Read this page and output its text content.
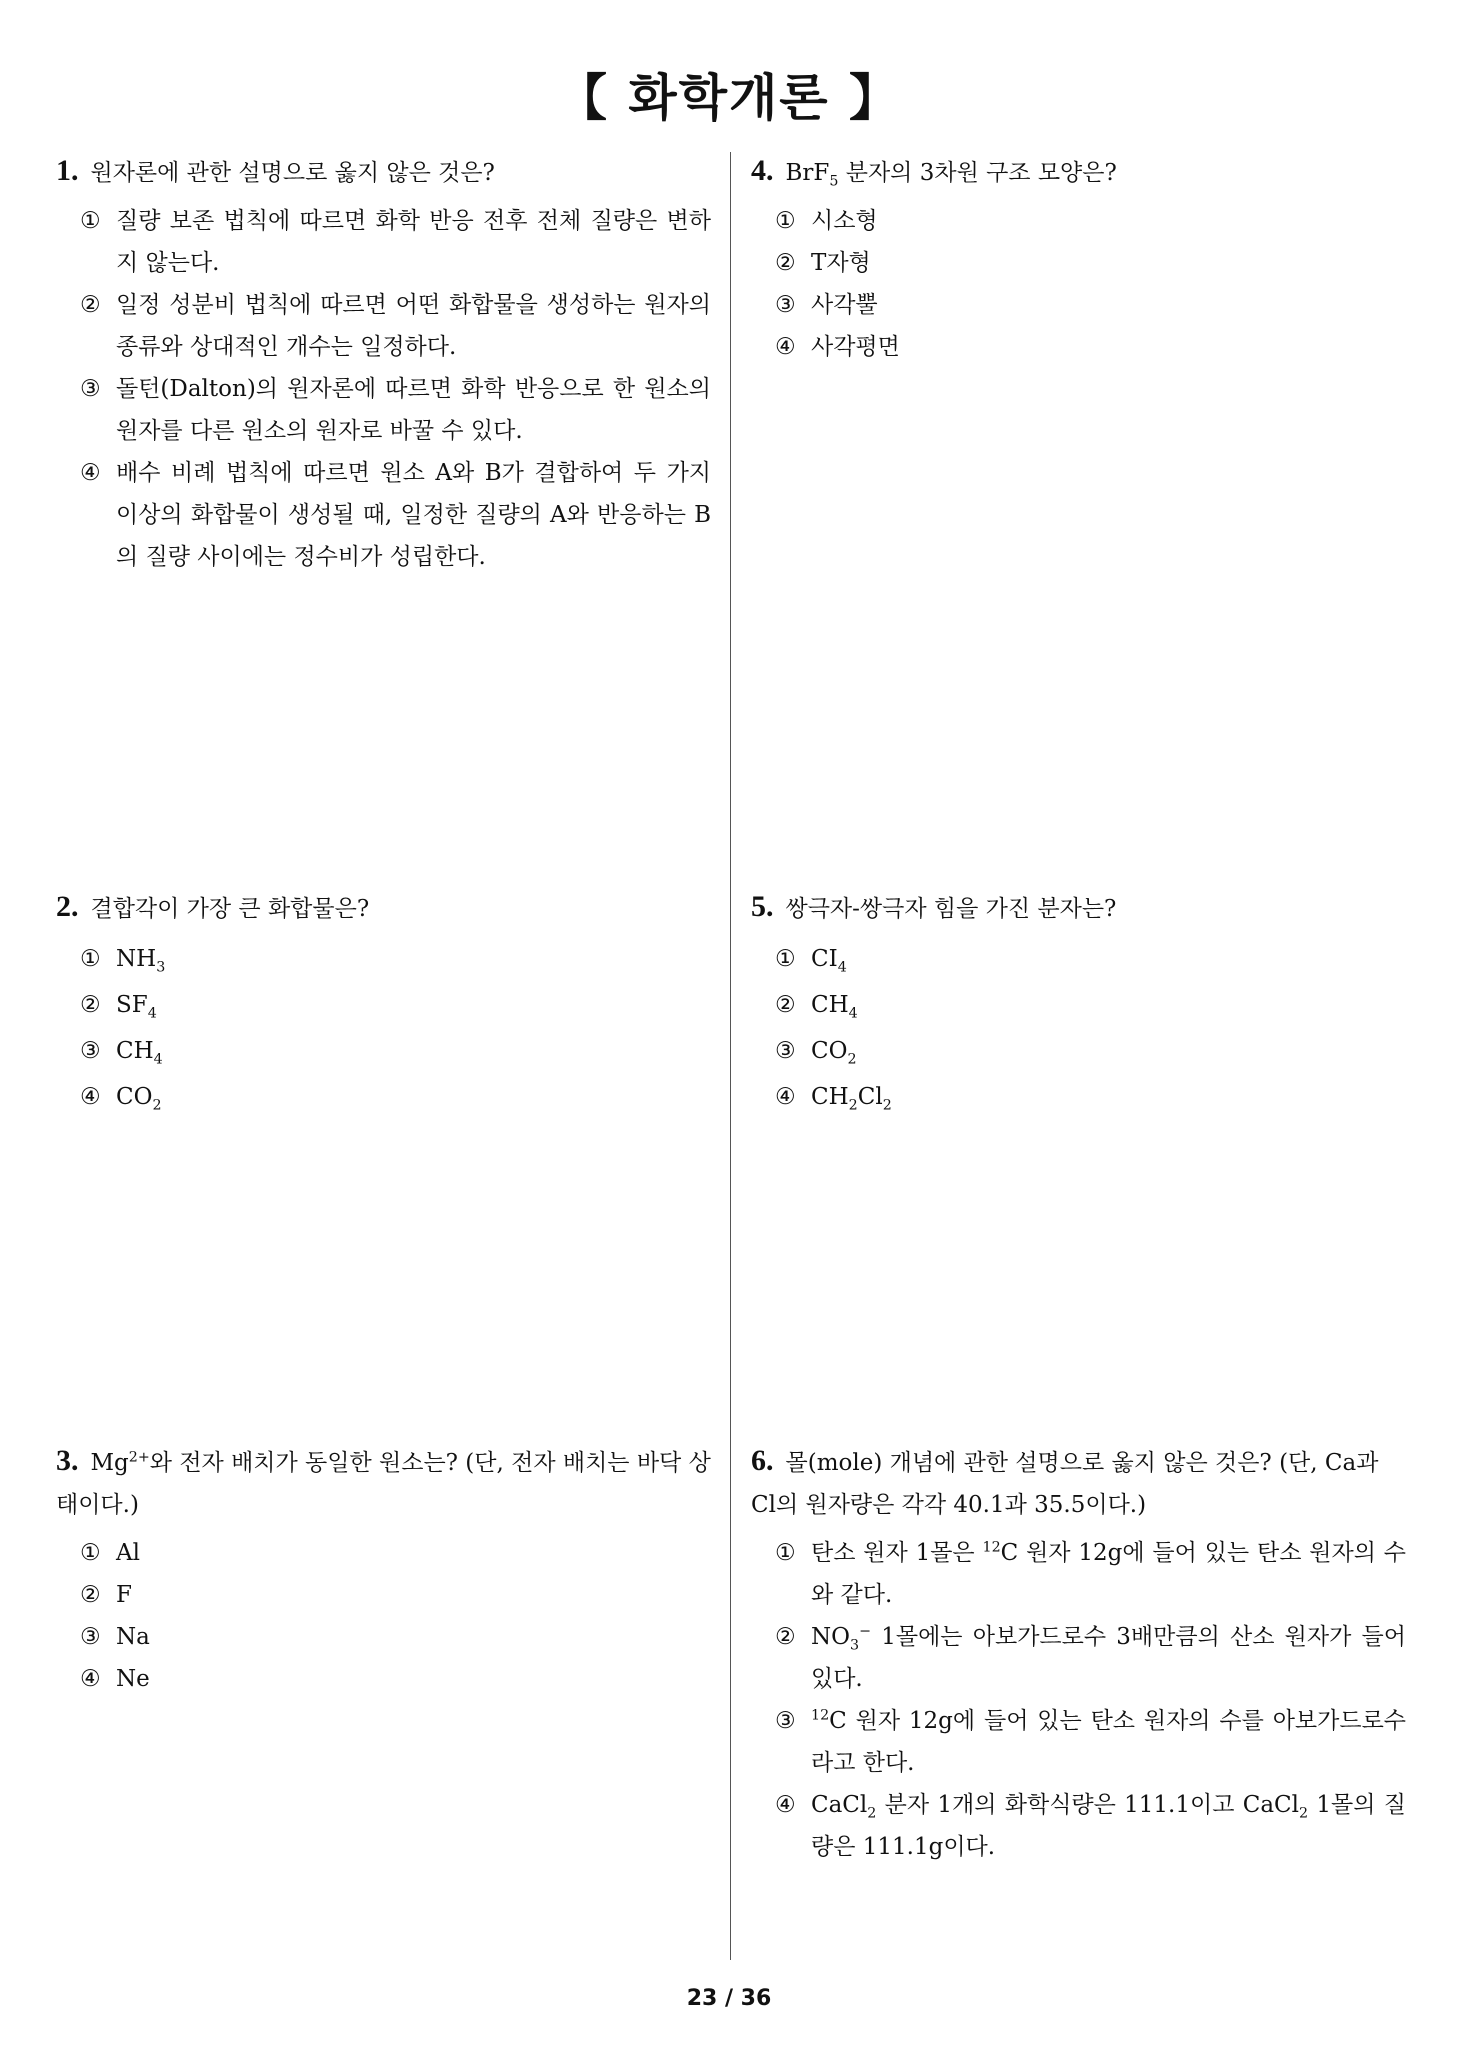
【 화학개론 】

1. 원자론에 관한 설명으로 옳지 않은 것은?

① 질량 보존 법칙에 따르면 화학 반응 전후 전체 질량은 변하지 않는다.
② 일정 성분비 법칙에 따르면 어떤 화합물을 생성하는 원자의 종류와 상대적인 개수는 일정하다.
③ 돌턴(Dalton)의 원자론에 따르면 화학 반응으로 한 원소의 원자를 다른 원소의 원자로 바꿀 수 있다.
④ 배수 비례 법칙에 따르면 원소 A와 B가 결합하여 두 가지 이상의 화합물이 생성될 때, 일정한 질량의 A와 반응하는 B의 질량 사이에는 정수비가 성립한다.

2. 결합각이 가장 큰 화합물은?

① $NH_3$
② $SF_4$
③ $CH_4$
④ $CO_2$

3. $Mg^{2+}$와 전자 배치가 동일한 원소는? (단, 전자 배치는 바닥 상태이다.)

① Al
② F
③ Na
④ Ne

4. BrF$_5$ 분자의 3차원 구조 모양은?

① 시소형
② T자형
③ 사각뿔
④ 사각평면

5. 쌍극자-쌍극자 힘을 가진 분자는?

① $CI_4$
② $CH_4$
③ $CO_2$
④ $CH_2Cl_2$

6. 몰(mole) 개념에 관한 설명으로 옳지 않은 것은? (단, Ca과 Cl의 원자량은 각각 40.1과 35.5이다.)

① 탄소 원자 1몰은 $^{12}$C 원자 12g에 들어 있는 탄소 원자의 수와 같다.
② $NO_3^-$ 1몰에는 아보가드로수 3배만큼의 산소 원자가 들어 있다.
③	$^{12}$C 원자 12g에 들어 있는 탄소 원자의 수를 아보가드로수라고 한다.
④ CaCl$_2$ 분자 1개의 화학식량은 111.1이고 CaCl$_2$ 1몰의 질량은 111.1g이다.
23 / 36
